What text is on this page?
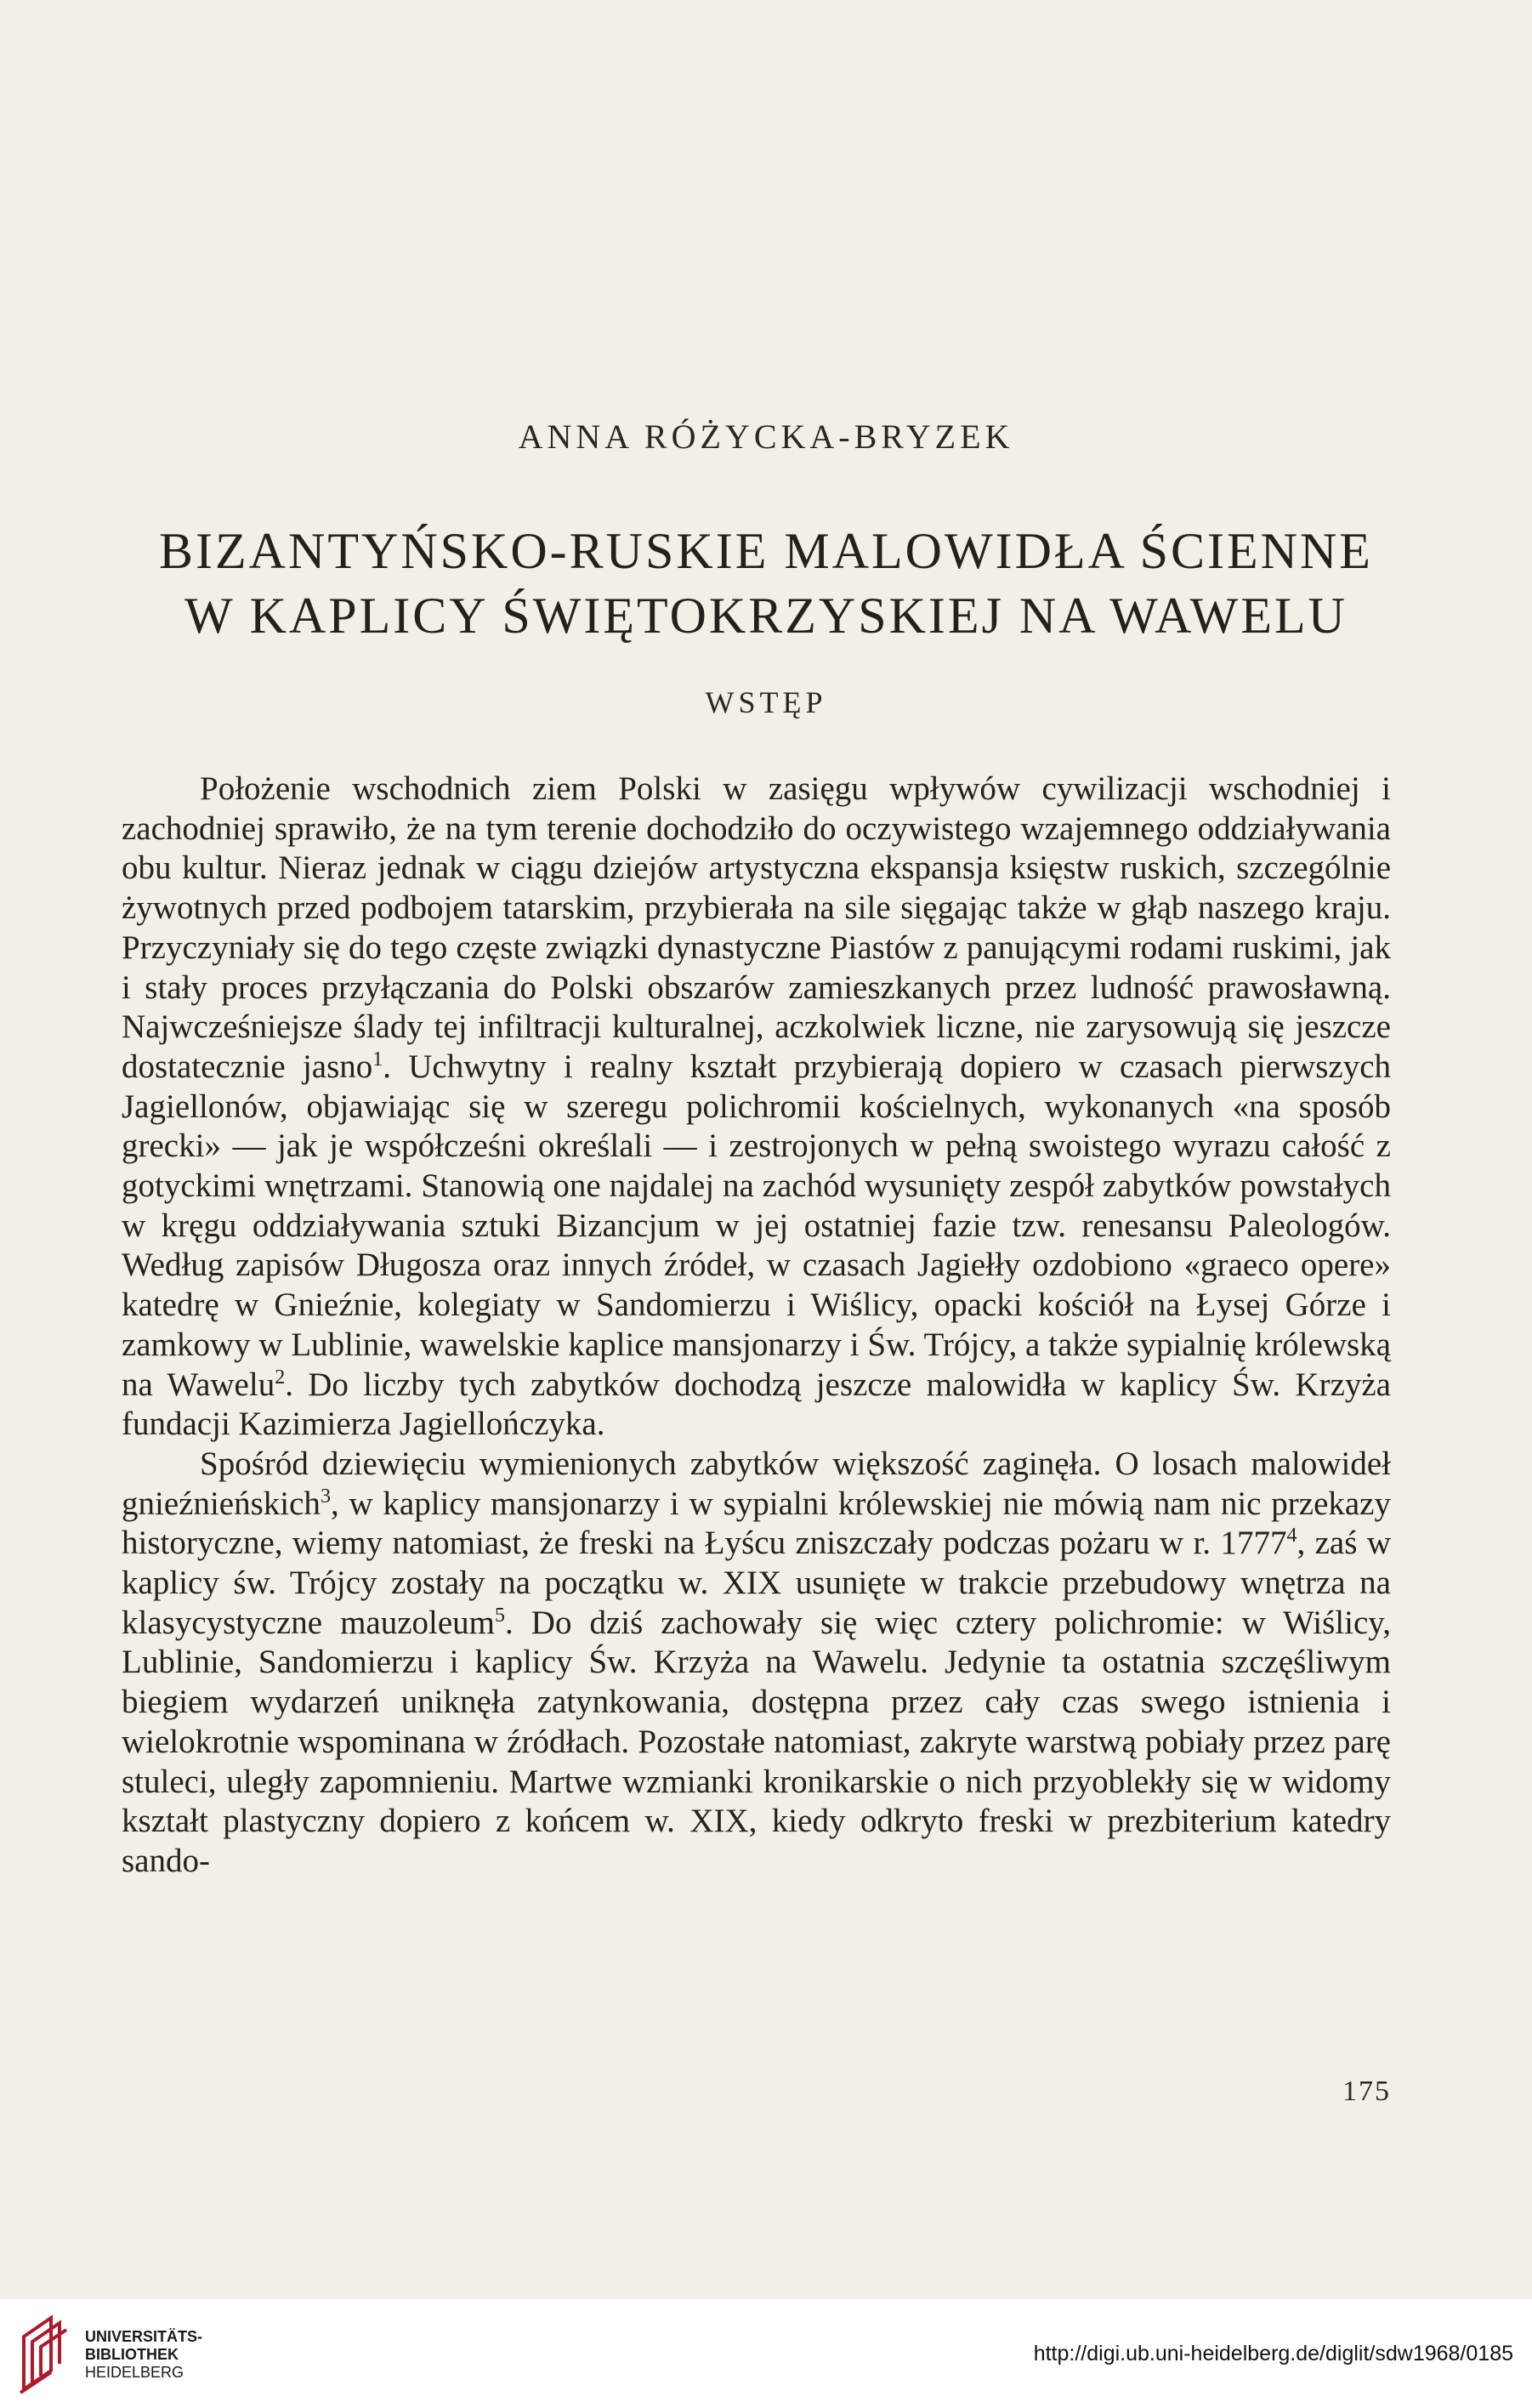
ANNA RÓŻYCKA-BRYZEK
BIZANTYŃSKO-RUSKIE MALOWIDŁA ŚCIENNE
W KAPLICY ŚWIĘTOKRZYSKIEJ NA WAWELU
WSTĘP

Położenie wschodnich ziem Polski w zasięgu wpływów cywilizacji wschodniej i zachodniej sprawiło, że na tym terenie dochodziło do oczywistego wzajemnego oddziaływania obu kultur. Nieraz jednak w ciągu dziejów artystyczna ekspansja księstw ruskich, szczególnie żywotnych przed podbojem tatarskim, przybierała na sile sięgając także w głąb naszego kraju. Przyczyniały się do tego częste związki dynastyczne Piastów z panującymi rodami ruskimi, jak i stały proces przyłączania do Polski obszarów zamieszkanych przez ludność prawosławną. Najwcześniejsze ślady tej infiltracji kulturalnej, aczkolwiek liczne, nie zarysowują się jeszcze dostatecznie jasno$^1$. Uchwytny i realny kształt przybierają dopiero w czasach pierwszych Jagiellonów, objawiając się w szeregu polichromii kościelnych, wykonanych «na sposób grecki» — jak je współcześni określali — i zestrojonych w pełną swoistego wyrazu całość z gotyckimi wnętrzami. Stanowią one najdalej na zachód wysunięty zespół zabytków powstałych w kręgu oddziaływania sztuki Bizancjum w jej ostatniej fazie tzw. renesansu Paleologów. Według zapisów Długosza oraz innych źródeł, w czasach Jagiełły ozdobiono «graeco opere» katedrę w Gnieźnie, kolegiaty w Sandomierzu i Wiślicy, opacki kościół na Łysej Górze i zamkowy w Lublinie, wawelskie kaplice mansjonarzy i Św. Trójcy, a także sypialnię królewską na Wawelu$^2$. Do liczby tych zabytków dochodzą jeszcze malowidła w kaplicy Św. Krzyża fundacji Kazimierza Jagiellończyka.

Spośród dziewięciu wymienionych zabytków większość zaginęła. O losach malowideł gnieźnieńskich$^3$, w kaplicy mansjonarzy i w sypialni królewskiej nie mówią nam nic przekazy historyczne, wiemy natomiast, że freski na Łyścu zniszczały podczas pożaru w r. 1777$^4$, zaś w kaplicy św. Trójcy zostały na początku w. XIX usunięte w trakcie przebudowy wnętrza na klasycystyczne mauzoleum$^5$. Do dziś zachowały się więc cztery polichromie: w Wiślicy, Lublinie, Sandomierzu i kaplicy Św. Krzyża na Wawelu. Jedynie ta ostatnia szczęśliwym biegiem wydarzeń uniknęła zatynkowania, dostępna przez cały czas swego istnienia i wielokrotnie wspominana w źródłach. Pozostałe natomiast, zakryte warstwą pobiały przez parę stuleci, uległy zapomnieniu. Martwe wzmianki kronikarskie o nich przyoblekły się w widomy kształt plastyczny dopiero z końcem w. XIX, kiedy odkryto freski w prezbiterium katedry sando-

175
UNIVERSITÄTS-
BIBLIOTHEK
HEIDELBERG
http://digi.ub.uni-heidelberg.de/diglit/sdw1968/0185
